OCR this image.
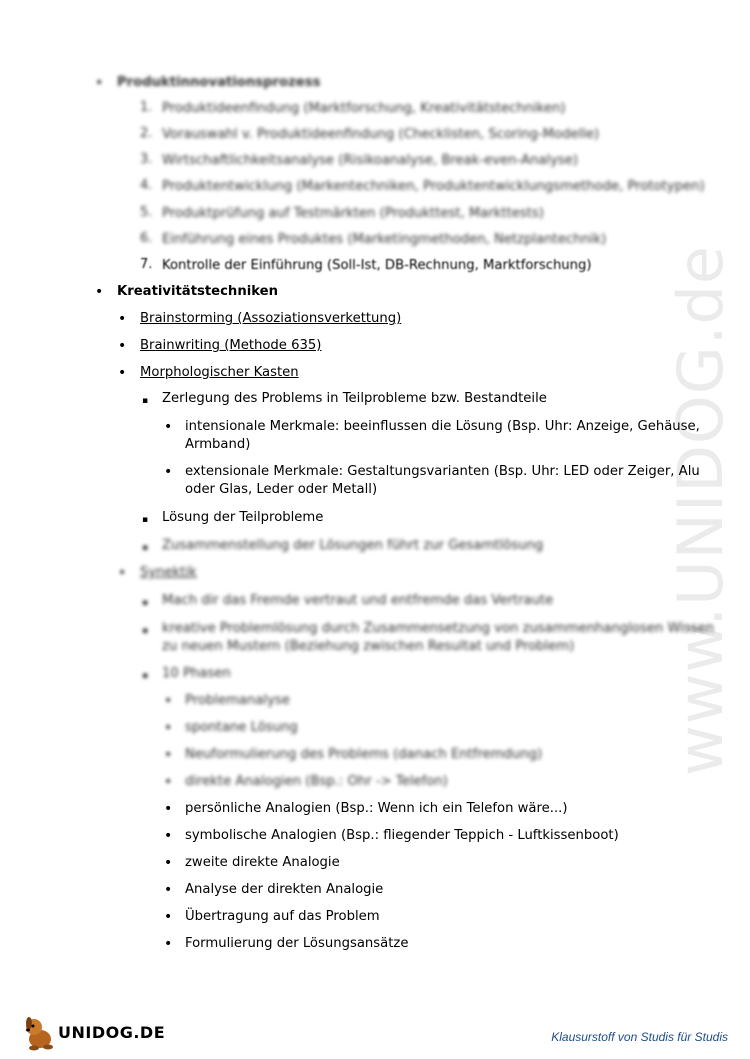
www.UNIDOG.de
•
Produktinnovationsprozess
1. Produktideenfindung (Marktforschung, Kreativitätstechniken)
2. Vorauswahl v. Produktideenfindung (Checklisten, Scoring-Modelle)
3. Wirtschaftlichkeitsanalyse (Risikoanalyse, Break-even-Analyse)
4. Produktentwicklung (Markentechniken, Produktentwicklungsmethode, Prototypen)
5. Produktprüfung auf Testmärkten (Produkttest, Markttests)
6. Einführung eines Produktes (Marketingmethoden, Netzplantechnik)
7. Kontrolle der Einführung (Soll-Ist, DB-Rechnung, Marktforschung)
•
Kreativitätstechniken
•
Brainstorming (Assoziationsverkettung)
•
Brainwriting (Methode 635)
•
Morphologischer Kasten
▪
Zerlegung des Problems in Teilprobleme bzw. Bestandteile
•
intensionale Merkmale: beeinflussen die Lösung (Bsp. Uhr: Anzeige, Gehäuse,
Armband)
•
extensionale Merkmale: Gestaltungsvarianten (Bsp. Uhr: LED oder Zeiger, Alu
oder Glas, Leder oder Metall)
▪
Lösung der Teilprobleme
▪
Zusammenstellung der Lösungen führt zur Gesamtlösung
•
Synektik
▪
Mach dir das Fremde vertraut und entfremde das Vertraute
▪
kreative Problemlösung durch Zusammensetzung von zusammenhanglosen Wissen
zu neuen Mustern (Beziehung zwischen Resultat und Problem)
▪
10 Phasen
•
Problemanalyse
•
spontane Lösung
•
Neuformulierung des Problems (danach Entfremdung)
•
direkte Analogien (Bsp.: Ohr -> Telefon)
•
persönliche Analogien (Bsp.: Wenn ich ein Telefon wäre...)
•
symbolische Analogien (Bsp.: fliegender Teppich - Luftkissenboot)
•
zweite direkte Analogie
•
Analyse der direkten Analogie
•
Übertragung auf das Problem
•
Formulierung der Lösungsansätze
UNIDOG.DE	Klausurstoff von Studis für Studis
